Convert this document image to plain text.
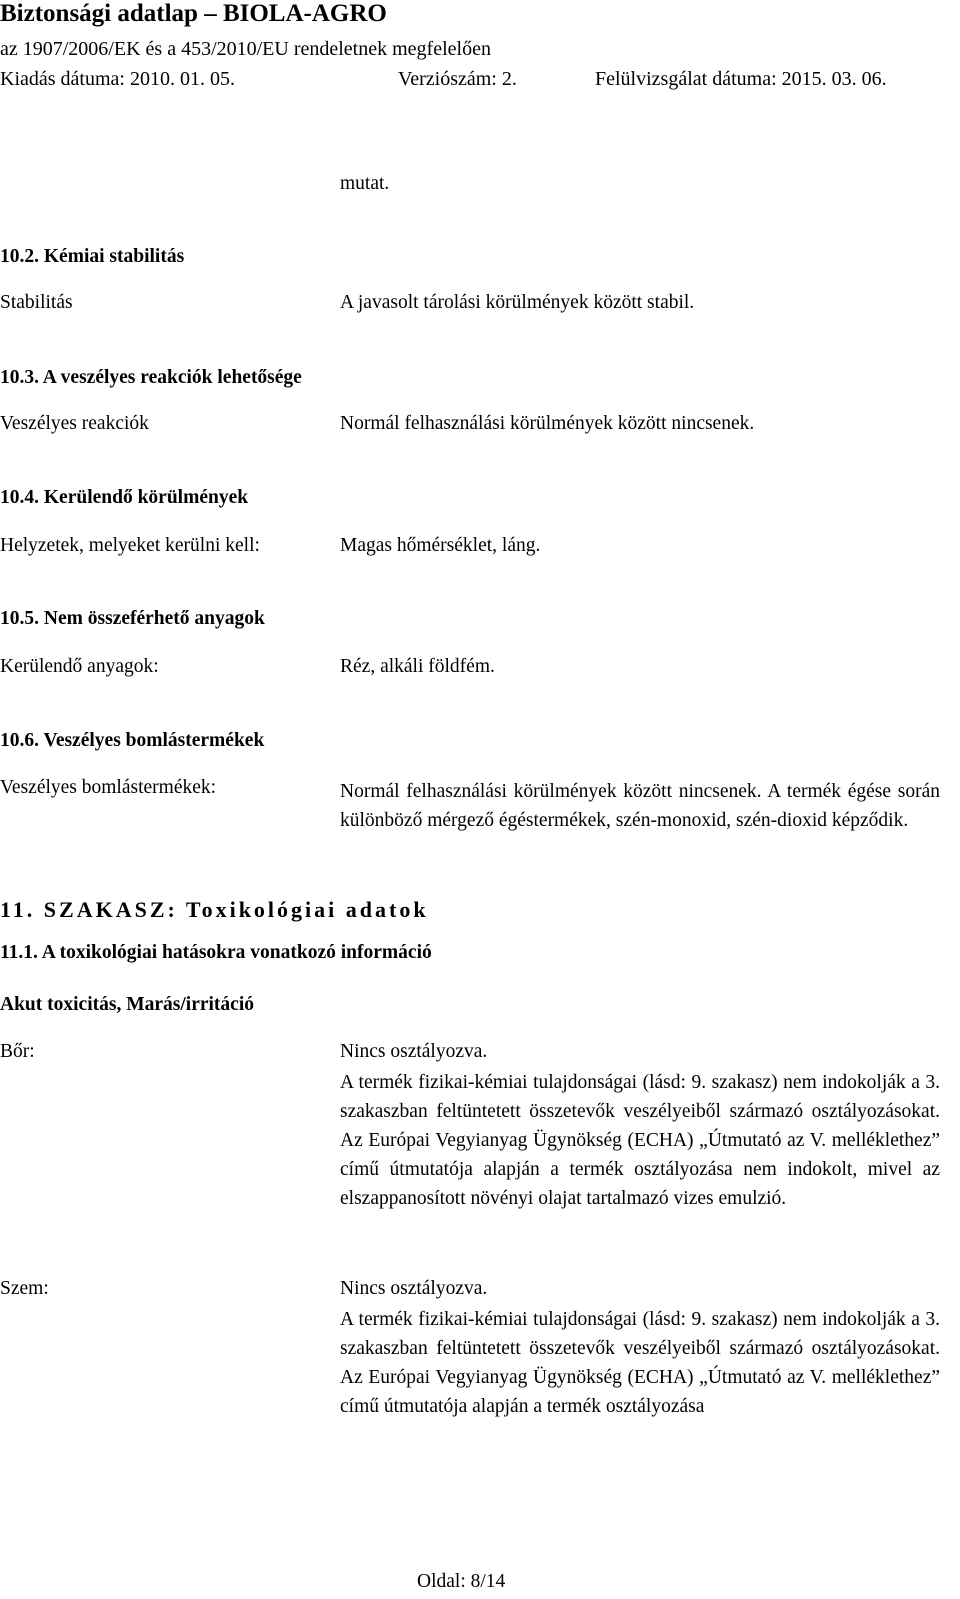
Biztonsági adatlap – BIOLA-AGRO
az 1907/2006/EK és a 453/2010/EU rendeletnek megfelelően
Kiadás dátuma: 2010. 01. 05.	Verziószám: 2.	Felülvizsgálat dátuma: 2015. 03. 06.
mutat.
10.2. Kémiai stabilitás
Stabilitás	A javasolt tárolási körülmények között stabil.
10.3. A veszélyes reakciók lehetősége
Veszélyes reakciók	Normál felhasználási körülmények között nincsenek.
10.4. Kerülendő körülmények
Helyzetek, melyeket kerülni kell:	Magas hőmérséklet, láng.
10.5. Nem összeférhető anyagok
Kerülendő anyagok:	Réz, alkáli földfém.
10.6. Veszélyes bomlástermékek
Veszélyes bomlástermékek:	Normál felhasználási körülmények között nincsenek. A termék égése során különböző mérgező égéstermékek, szén-monoxid, szén-dioxid képződik.
11. SZAKASZ: Toxikológiai adatok
11.1. A toxikológiai hatásokra vonatkozó információ
Akut toxicitás, Marás/irritáció
Bőr:	Nincs osztályozva.
A termék fizikai-kémiai tulajdonságai (lásd: 9. szakasz) nem indokolják a 3. szakaszban feltüntetett összetevők veszélyeiből származó osztályozásokat. Az Európai Vegyianyag Ügynökség (ECHA) „Útmutató az V. melléklethez” című útmutatója alapján a termék osztályozása nem indokolt, mivel az elszappanosított növényi olajat tartalmazó vizes emulzió.
Szem:	Nincs osztályozva.
A termék fizikai-kémiai tulajdonságai (lásd: 9. szakasz) nem indokolják a 3. szakaszban feltüntetett összetevők veszélyeiből származó osztályozásokat. Az Európai Vegyianyag Ügynökség (ECHA) „Útmutató az V. melléklethez” című útmutatója alapján a termék osztályozása
Oldal: 8/14
